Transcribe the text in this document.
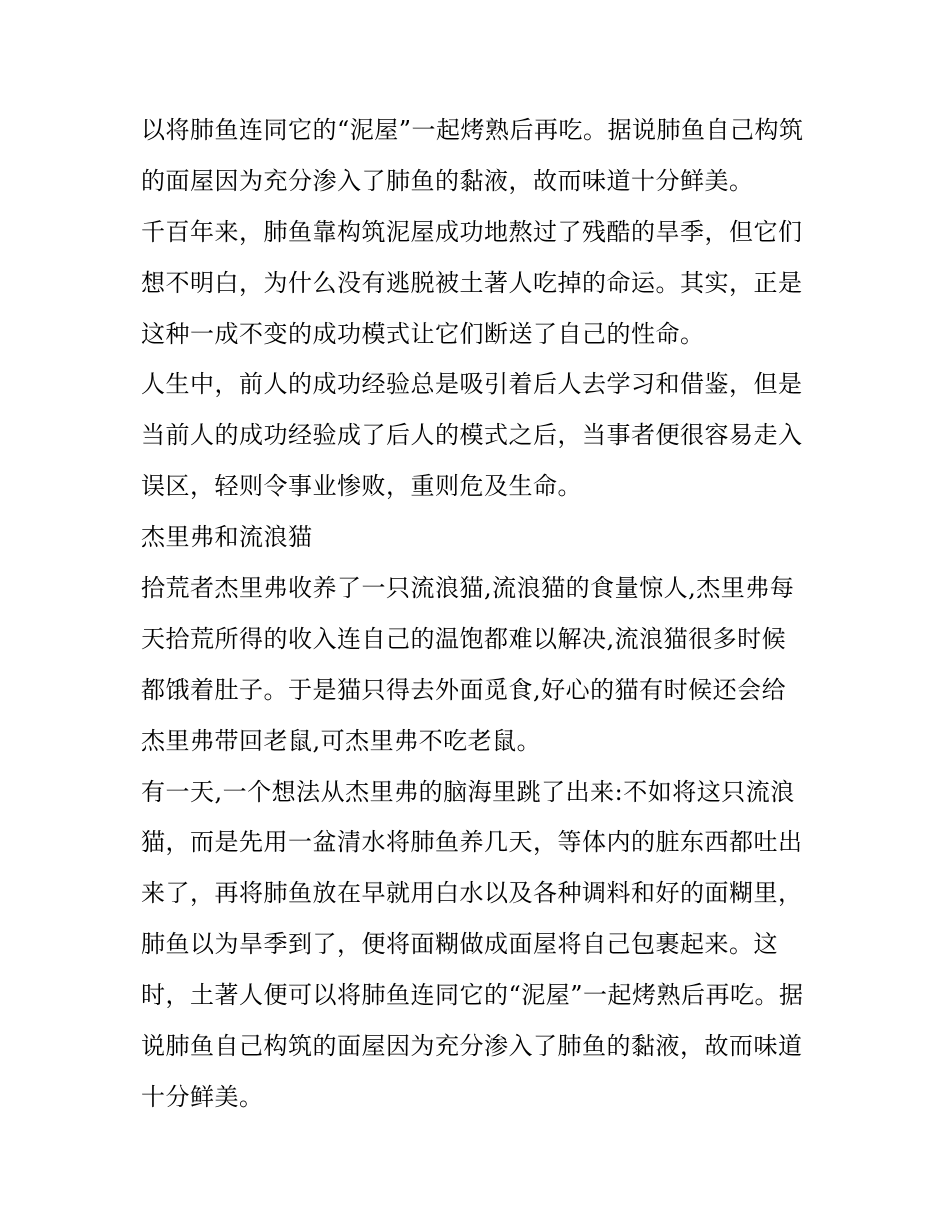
以将肺鱼连同它的“泥屋”一起烤熟后再吃。据说肺鱼自己构筑
的面屋因为充分渗入了肺鱼的黏液，故而味道十分鲜美。
千百年来，肺鱼靠构筑泥屋成功地熬过了残酷的旱季，但它们
想不明白，为什么没有逃脱被土著人吃掉的命运。其实，正是
这种一成不变的成功模式让它们断送了自己的性命。
人生中，前人的成功经验总是吸引着后人去学习和借鉴，但是
当前人的成功经验成了后人的模式之后，当事者便很容易走入
误区，轻则令事业惨败，重则危及生命。
杰里弗和流浪猫
拾荒者杰里弗收养了一只流浪猫,流浪猫的食量惊人,杰里弗每
天拾荒所得的收入连自己的温饱都难以解决,流浪猫很多时候
都饿着肚子。于是猫只得去外面觅食,好心的猫有时候还会给
杰里弗带回老鼠,可杰里弗不吃老鼠。
有一天,一个想法从杰里弗的脑海里跳了出来:不如将这只流浪
猫，而是先用一盆清水将肺鱼养几天，等体内的脏东西都吐出
来了，再将肺鱼放在早就用白水以及各种调料和好的面糊里，
肺鱼以为旱季到了，便将面糊做成面屋将自己包裹起来。这
时，土著人便可以将肺鱼连同它的“泥屋”一起烤熟后再吃。据
说肺鱼自己构筑的面屋因为充分渗入了肺鱼的黏液，故而味道
十分鲜美。
